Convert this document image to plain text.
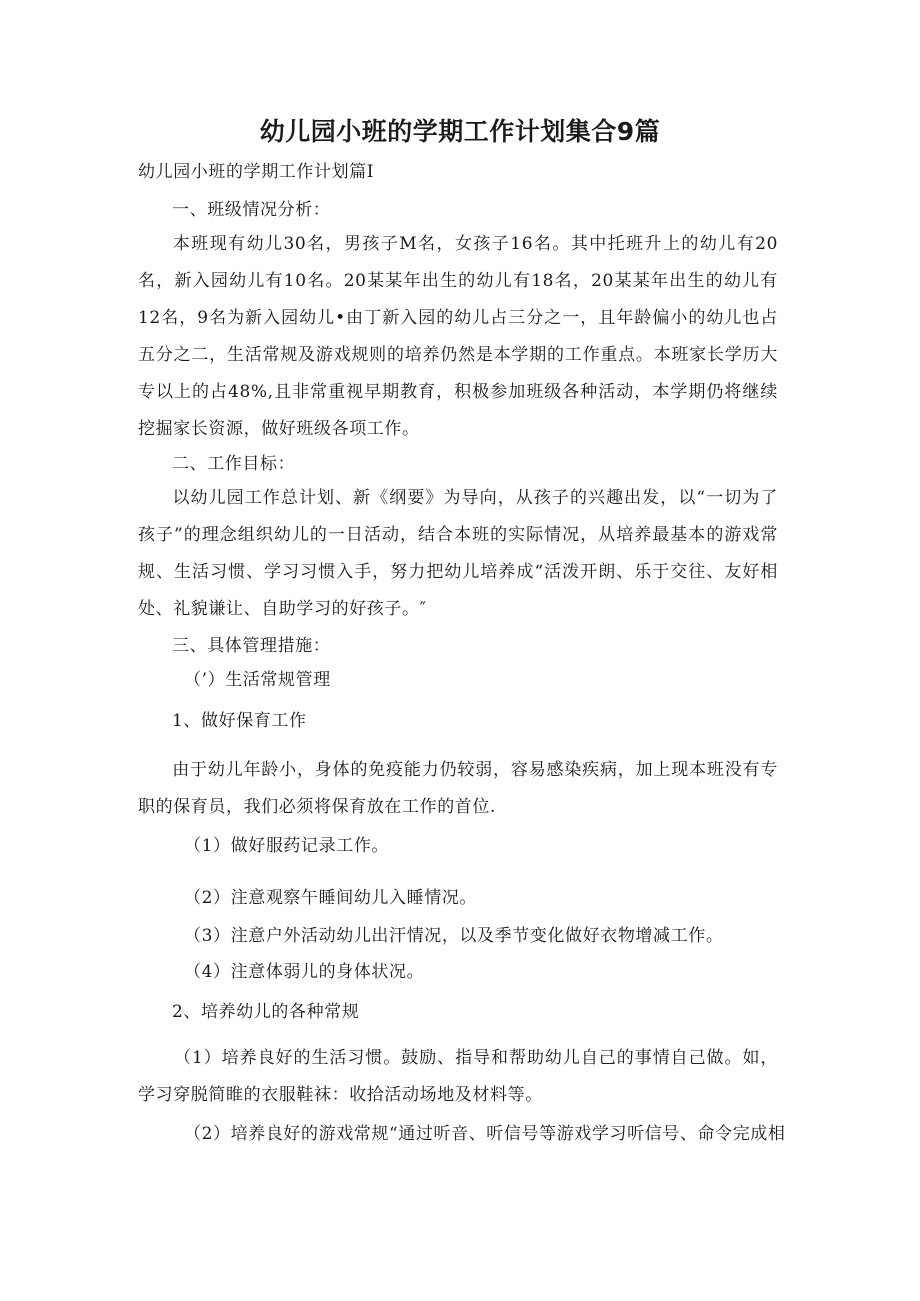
幼儿园小班的学期工作计划集合9篇
幼儿园小班的学期工作计划篇I
一、班级情况分析：
本班现有幼儿30名，男孩子M名，女孩子16名。其中托班升上的幼儿有20名，新入园幼儿有10名。20某某年出生的幼儿有18名，20某某年出生的幼儿有12名，9名为新入园幼儿•由丁新入园的幼儿占三分之一，且年龄偏小的幼儿也占五分之二，生活常规及游戏规则的培养仍然是本学期的工作重点。本班家长学历大专以上的占48%,且非常重视早期教育，积极参加班级各种活动，本学期仍将继续挖掘家长资源，做好班级各项工作。
二、工作目标：
以幼儿园工作总计划、新《纲要》为导向，从孩子的兴趣出发，以“一切为了孩子”的理念组织幼儿的一日活动，结合本班的实际情况，从培养最基本的游戏常规、生活习惯、学习习惯入手，努力把幼儿培养成“活泼开朗、乐于交往、友好相处、礼貌谦让、自助学习的好孩子。″
三、具体管理措施：
（’）生活常规管理
1、做好保育工作
由于幼儿年龄小，身体的免疫能力仍较弱，容易感染疾病，加上现本班没有专职的保育员，我们必须将保育放在工作的首位.
（1）做好服药记录工作。
（2）注意观察午睡间幼儿入睡情况。
（3）注意户外活动幼儿出汗情况，以及季节变化做好衣物增减工作。
（4）注意体弱儿的身体状况。
2、培养幼儿的各种常规
（1）培养良好的生活习惯。鼓励、指导和帮助幼儿自己的事情自己做。如，学习穿脱简睢的衣服鞋袜：收拾活动场地及材料等。
（2）培养良好的游戏常规“通过听音、听信号等游戏学习听信号、命令完成相
